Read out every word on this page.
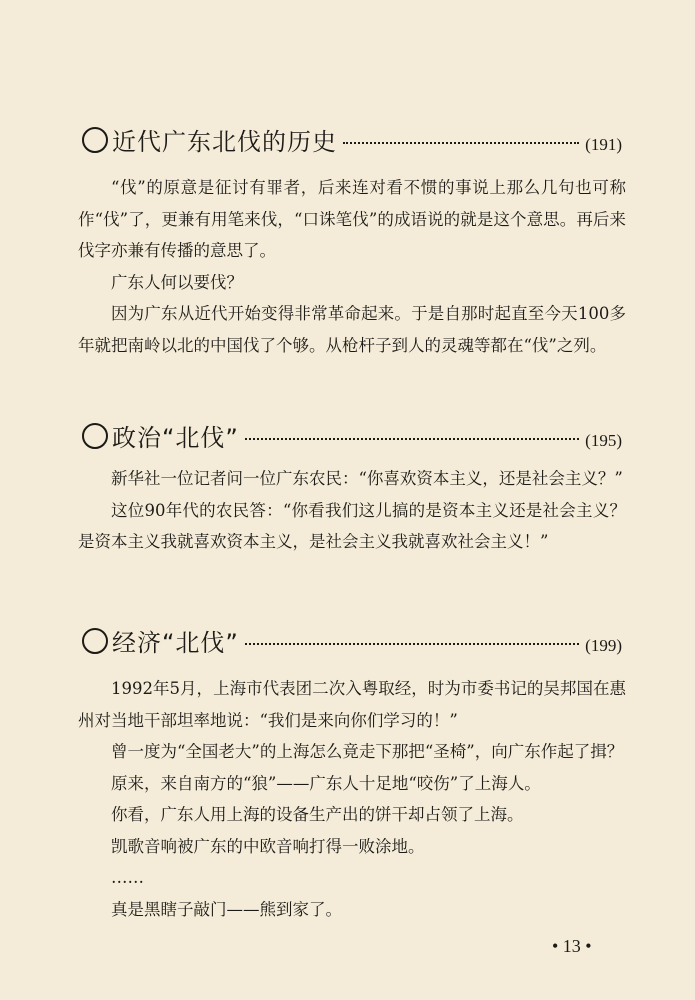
近代广东北伐的历史	(191)

“伐”的原意是征讨有罪者，后来连对看不惯的事说上那么几句也可称作“伐”了，更兼有用笔来伐，“口诛笔伐”的成语说的就是这个意思。再后来伐字亦兼有传播的意思了。

广东人何以要伐？

因为广东从近代开始变得非常革命起来。于是自那时起直至今天100多年就把南岭以北的中国伐了个够。从枪杆子到人的灵魂等都在“伐”之列。

政治“北伐”	(195)

新华社一位记者问一位广东农民：“你喜欢资本主义，还是社会主义？”

这位90年代的农民答：“你看我们这儿搞的是资本主义还是社会主义？是资本主义我就喜欢资本主义，是社会主义我就喜欢社会主义！”

经济“北伐”	(199)

1992年5月，上海市代表团二次入粤取经，时为市委书记的吴邦国在惠州对当地干部坦率地说：“我们是来向你们学习的！”

曾一度为“全国老大”的上海怎么竟走下那把“圣椅”，向广东作起了揖？

原来，来自南方的“狼”——广东人十足地“咬伤”了上海人。

你看，广东人用上海的设备生产出的饼干却占领了上海。

凯歌音响被广东的中欧音响打得一败涂地。

……

真是黑瞎子敲门——熊到家了。

• 13 •
